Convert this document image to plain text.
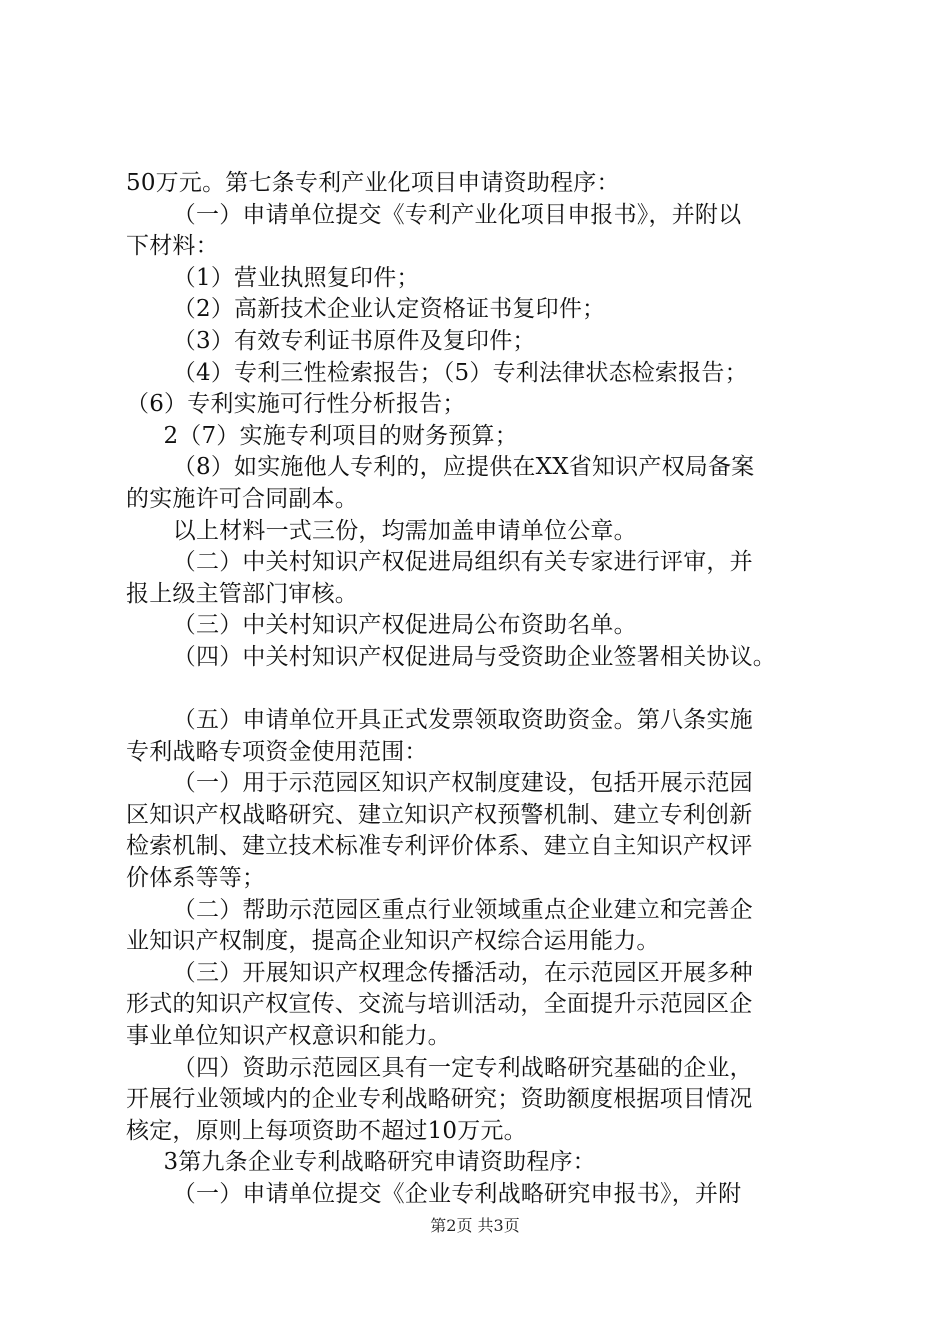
50万元。第七条专利产业化项目申请资助程序：
（一）申请单位提交《专利产业化项目申报书》，并附以
下材料：
（1）营业执照复印件；
（2）高新技术企业认定资格证书复印件；
（3）有效专利证书原件及复印件；
（4）专利三性检索报告；（5）专利法律状态检索报告；
（6）专利实施可行性分析报告；
2（7）实施专利项目的财务预算；
（8）如实施他人专利的，应提供在XX省知识产权局备案
的实施许可合同副本。
以上材料一式三份，均需加盖申请单位公章。
（二）中关村知识产权促进局组织有关专家进行评审，并
报上级主管部门审核。
（三）中关村知识产权促进局公布资助名单。
（四）中关村知识产权促进局与受资助企业签署相关协议。
（五）申请单位开具正式发票领取资助资金。第八条实施
专利战略专项资金使用范围：
（一）用于示范园区知识产权制度建设，包括开展示范园
区知识产权战略研究、建立知识产权预警机制、建立专利创新
检索机制、建立技术标准专利评价体系、建立自主知识产权评
价体系等等；
（二）帮助示范园区重点行业领域重点企业建立和完善企
业知识产权制度，提高企业知识产权综合运用能力。
（三）开展知识产权理念传播活动，在示范园区开展多种
形式的知识产权宣传、交流与培训活动，全面提升示范园区企
事业单位知识产权意识和能力。
（四）资助示范园区具有一定专利战略研究基础的企业，
开展行业领域内的企业专利战略研究；资助额度根据项目情况
核定，原则上每项资助不超过10万元。
3第九条企业专利战略研究申请资助程序：
（一）申请单位提交《企业专利战略研究申报书》，并附
第2页 共3页
